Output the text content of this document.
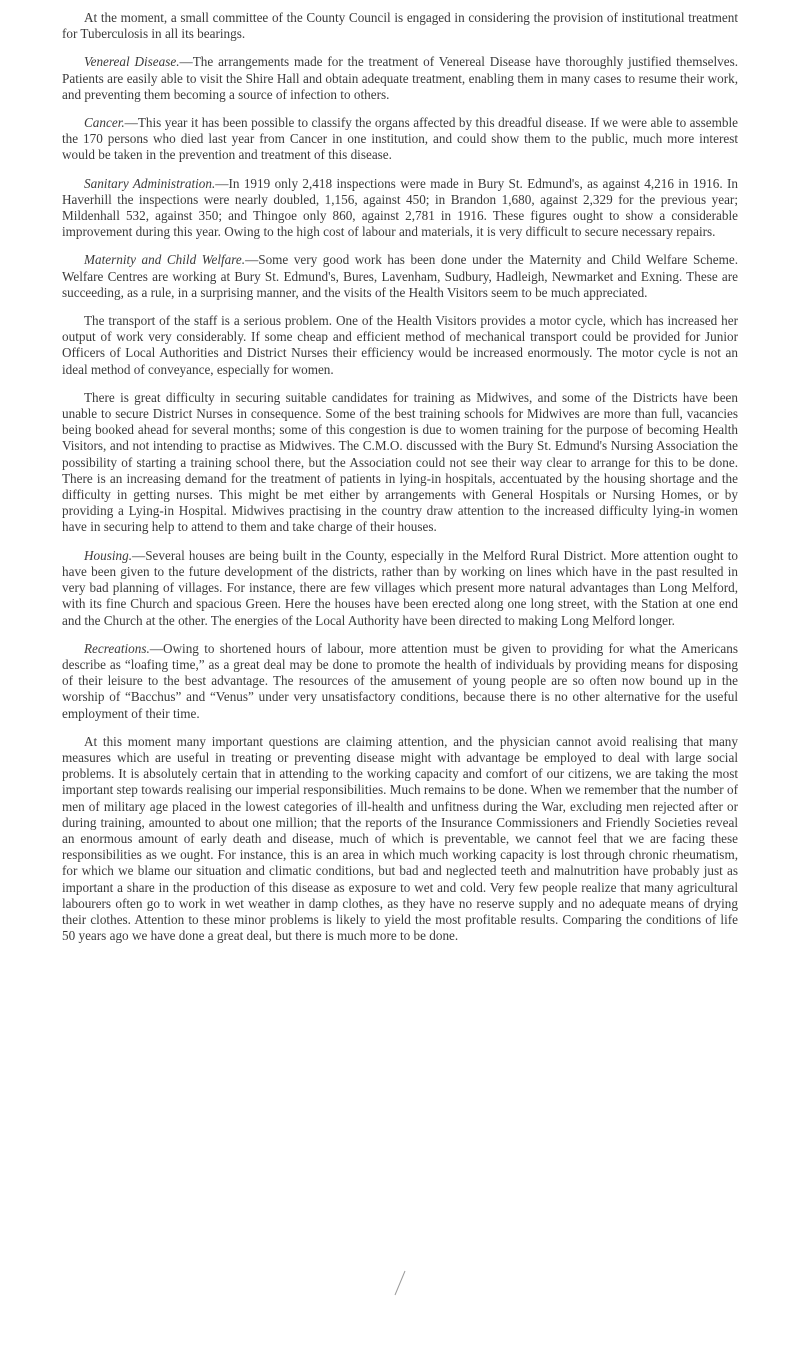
At the moment, a small committee of the County Council is engaged in considering the provision of institutional treatment for Tuberculosis in all its bearings.

Venereal Disease.—The arrangements made for the treatment of Venereal Disease have thoroughly justified themselves. Patients are easily able to visit the Shire Hall and obtain adequate treatment, enabling them in many cases to resume their work, and preventing them becoming a source of infection to others.

Cancer.—This year it has been possible to classify the organs affected by this dreadful disease. If we were able to assemble the 170 persons who died last year from Cancer in one institution, and could show them to the public, much more interest would be taken in the prevention and treatment of this disease.

Sanitary Administration.—In 1919 only 2,418 inspections were made in Bury St. Edmund's, as against 4,216 in 1916. In Haverhill the inspections were nearly doubled, 1,156, against 450; in Brandon 1,680, against 2,329 for the previous year; Mildenhall 532, against 350; and Thingoe only 860, against 2,781 in 1916. These figures ought to show a considerable improvement during this year. Owing to the high cost of labour and materials, it is very difficult to secure necessary repairs.

Maternity and Child Welfare.—Some very good work has been done under the Maternity and Child Welfare Scheme. Welfare Centres are working at Bury St. Edmund's, Bures, Lavenham, Sudbury, Hadleigh, Newmarket and Exning. These are succeeding, as a rule, in a surprising manner, and the visits of the Health Visitors seem to be much appreciated.

The transport of the staff is a serious problem. One of the Health Visitors provides a motor cycle, which has increased her output of work very considerably. If some cheap and efficient method of mechanical transport could be provided for Junior Officers of Local Authorities and District Nurses their efficiency would be increased enormously. The motor cycle is not an ideal method of conveyance, especially for women.

There is great difficulty in securing suitable candidates for training as Midwives, and some of the Districts have been unable to secure District Nurses in consequence. Some of the best training schools for Midwives are more than full, vacancies being booked ahead for several months; some of this congestion is due to women training for the purpose of becoming Health Visitors, and not intending to practise as Midwives. The C.M.O. discussed with the Bury St. Edmund's Nursing Association the possibility of starting a training school there, but the Association could not see their way clear to arrange for this to be done. There is an increasing demand for the treatment of patients in lying-in hospitals, accentuated by the housing shortage and the difficulty in getting nurses. This might be met either by arrangements with General Hospitals or Nursing Homes, or by providing a Lying-in Hospital. Midwives practising in the country draw attention to the increased difficulty lying-in women have in securing help to attend to them and take charge of their houses.

Housing.—Several houses are being built in the County, especially in the Melford Rural District. More attention ought to have been given to the future development of the districts, rather than by working on lines which have in the past resulted in very bad planning of villages. For instance, there are few villages which present more natural advantages than Long Melford, with its fine Church and spacious Green. Here the houses have been erected along one long street, with the Station at one end and the Church at the other. The energies of the Local Authority have been directed to making Long Melford longer.

Recreations.—Owing to shortened hours of labour, more attention must be given to providing for what the Americans describe as “loafing time,” as a great deal may be done to promote the health of individuals by providing means for disposing of their leisure to the best advantage. The resources of the amusement of young people are so often now bound up in the worship of “Bacchus” and “Venus” under very unsatisfactory conditions, because there is no other alternative for the useful employment of their time.

At this moment many important questions are claiming attention, and the physician cannot avoid realising that many measures which are useful in treating or preventing disease might with advantage be employed to deal with large social problems. It is absolutely certain that in attending to the working capacity and comfort of our citizens, we are taking the most important step towards realising our imperial responsibilities. Much remains to be done. When we remember that the number of men of military age placed in the lowest categories of ill-health and unfitness during the War, excluding men rejected after or during training, amounted to about one million; that the reports of the Insurance Commissioners and Friendly Societies reveal an enormous amount of early death and disease, much of which is preventable, we cannot feel that we are facing these responsibilities as we ought. For instance, this is an area in which much working capacity is lost through chronic rheumatism, for which we blame our situation and climatic conditions, but bad and neglected teeth and malnutrition have probably just as important a share in the production of this disease as exposure to wet and cold. Very few people realize that many agricultural labourers often go to work in wet weather in damp clothes, as they have no reserve supply and no adequate means of drying their clothes. Attention to these minor problems is likely to yield the most profitable results. Comparing the conditions of life 50 years ago we have done a great deal, but there is much more to be done.
